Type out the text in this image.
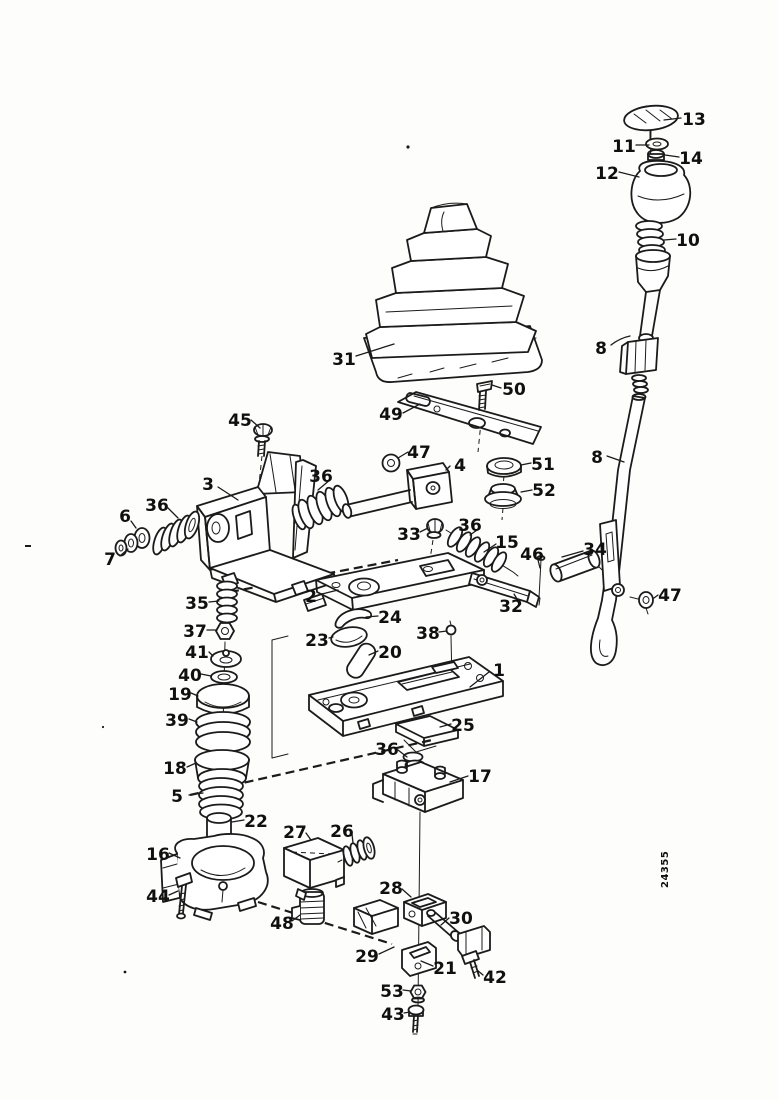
13
11
14
12
10
8
31
50
49
45
47
4	51
52
3	36
36
6
7
8
33 36
15
46 34
47
2	32
35
37
24
23
20
38
41
40
19
39
1
25
36
17
18
5
22
27 26
16
44
48
28
30
29
21 42
53
43
24355
